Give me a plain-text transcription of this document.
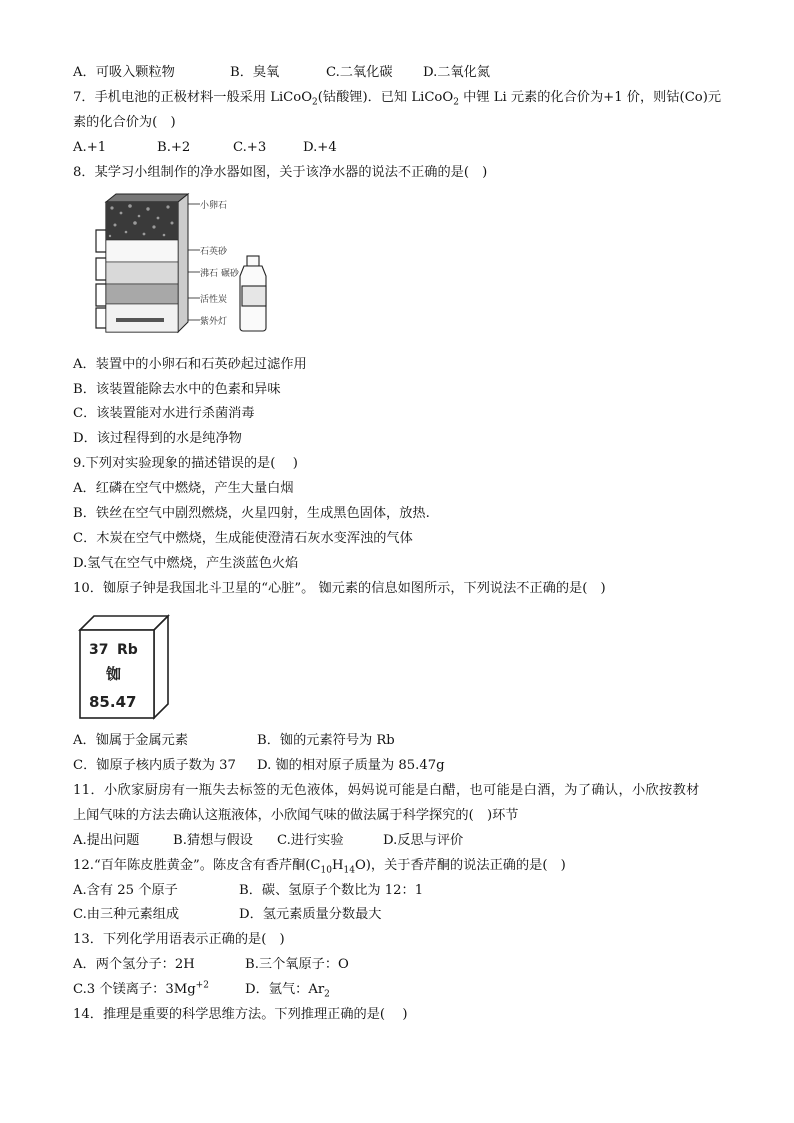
A．可吸入颗粒物	B．臭氧	C.二氧化碳 D.二氧化氮
7．手机电池的正极材料一般采用 LiCoO$_2$(钴酸锂)．已知 LiCoO$_2$ 中锂 Li 元素的化合价为+1 价，则钴(Co)元
素的化合价为(　)
A.+1	B.+2	C.+3	D.+4
8．某学习小组制作的净水器如图，关于该净水器的说法不正确的是(　)
小卵石
石英砂
沸石 碾砂
活性炭
紫外灯
A．装置中的小卵石和石英砂起过滤作用
B．该装置能除去水中的色素和异味
C．该装置能对水进行杀菌消毒
D．该过程得到的水是纯净物
9.下列对实验现象的描述错误的是(　 )
A．红磷在空气中燃烧，产生大量白烟
B．铁丝在空气中剧烈燃烧，火星四射，生成黑色固体，放热.
C．木炭在空气中燃烧，生成能使澄清石灰水变浑浊的气体
D.氢气在空气中燃烧，产生淡蓝色火焰
10．铷原子钟是我国北斗卫星的“心脏”。 铷元素的信息如图所示，下列说法不正确的是(　)
37 Rb
铷
85.47
A．铷属于金属元素	B．铷的元素符号为 Rb
C．铷原子核内质子数为 37 D. 铷的相对原子质量为 85.47g
11．小欣家厨房有一瓶失去标签的无色液体，妈妈说可能是白醋，也可能是白酒，为了确认，小欣按教材
上闻气味的方法去确认这瓶液体，小欣闻气味的做法属于科学探究的(　)环节
A.提出问题	B.猜想与假设 C.进行实验	D.反思与评价
12.“百年陈皮胜黄金”。陈皮含有香芹酮$(C_{10}H_{14}O)$，关于香芹酮的说法正确的是(　)
A.含有 25 个原子	B．碳、氢原子个数比为 12：1
C.由三种元素组成	D．氢元素质量分数最大
13．下列化学用语表示正确的是(　)
A．两个氢分子：2H	B.三个氧原子：O
C.3 个镁离子：$3Mg^{+2}$	D．氩气：$Ar_2$
14．推理是重要的科学思维方法。下列推理正确的是(　 )
